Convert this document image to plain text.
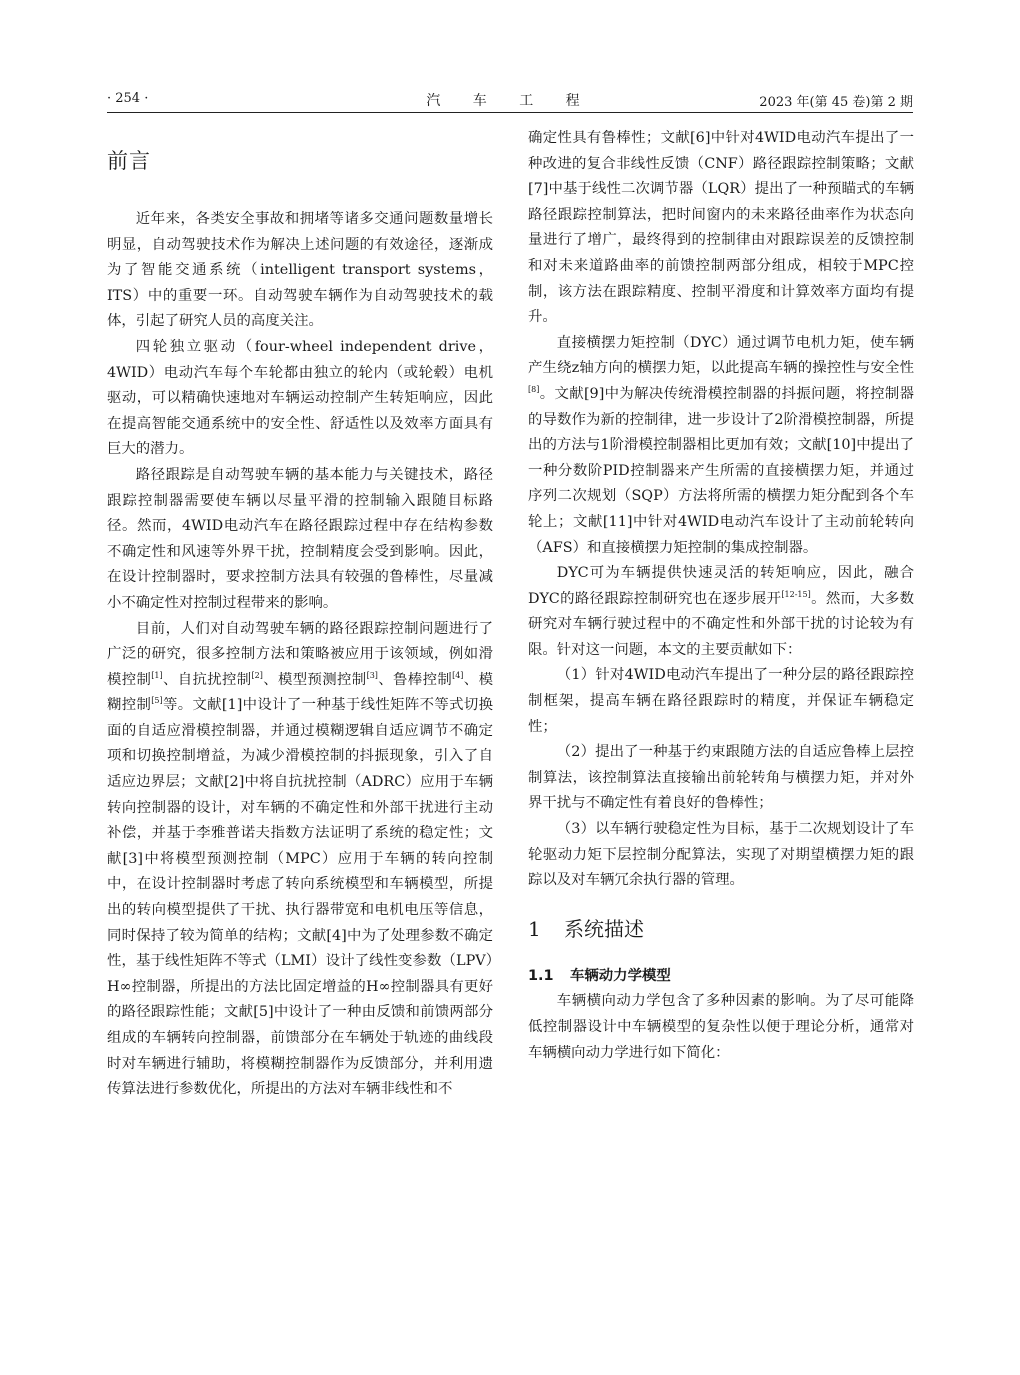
· 254 ·	汽 车 工 程	2023 年(第 45 卷)第 2 期
前言

近年来，各类安全事故和拥堵等诸多交通问题数量增长明显，自动驾驶技术作为解决上述问题的有效途径，逐渐成为了智能交通系统（intelligent transport systems，ITS）中的重要一环。自动驾驶车辆作为自动驾驶技术的载体，引起了研究人员的高度关注。

四轮独立驱动（four-wheel independent drive，4WID）电动汽车每个车轮都由独立的轮内（或轮毂）电机驱动，可以精确快速地对车辆运动控制产生转矩响应，因此在提高智能交通系统中的安全性、舒适性以及效率方面具有巨大的潜力。

路径跟踪是自动驾驶车辆的基本能力与关键技术，路径跟踪控制器需要使车辆以尽量平滑的控制输入跟随目标路径。然而，4WID电动汽车在路径跟踪过程中存在结构参数不确定性和风速等外界干扰，控制精度会受到影响。因此，在设计控制器时，要求控制方法具有较强的鲁棒性，尽量减小不确定性对控制过程带来的影响。

目前，人们对自动驾驶车辆的路径跟踪控制问题进行了广泛的研究，很多控制方法和策略被应用于该领域，例如滑模控制[1]、自抗扰控制[2]、模型预测控制[3]、鲁棒控制[4]、模糊控制[5]等。文献[1]中设计了一种基于线性矩阵不等式切换面的自适应滑模控制器，并通过模糊逻辑自适应调节不确定项和切换控制增益，为减少滑模控制的抖振现象，引入了自适应边界层；文献[2]中将自抗扰控制（ADRC）应用于车辆转向控制器的设计，对车辆的不确定性和外部干扰进行主动补偿，并基于李雅普诺夫指数方法证明了系统的稳定性；文献[3]中将模型预测控制（MPC）应用于车辆的转向控制中，在设计控制器时考虑了转向系统模型和车辆模型，所提出的转向模型提供了干扰、执行器带宽和电机电压等信息，同时保持了较为简单的结构；文献[4]中为了处理参数不确定性，基于线性矩阵不等式（LMI）设计了线性变参数（LPV）H∞控制器，所提出的方法比固定增益的H∞控制器具有更好的路径跟踪性能；文献[5]中设计了一种由反馈和前馈两部分组成的车辆转向控制器，前馈部分在车辆处于轨迹的曲线段时对车辆进行辅助，将模糊控制器作为反馈部分，并利用遗传算法进行参数优化，所提出的方法对车辆非线性和不

确定性具有鲁棒性；文献[6]中针对4WID电动汽车提出了一种改进的复合非线性反馈（CNF）路径跟踪控制策略；文献[7]中基于线性二次调节器（LQR）提出了一种预瞄式的车辆路径跟踪控制算法，把时间窗内的未来路径曲率作为状态向量进行了增广，最终得到的控制律由对跟踪误差的反馈控制和对未来道路曲率的前馈控制两部分组成，相较于MPC控制，该方法在跟踪精度、控制平滑度和计算效率方面均有提升。

直接横摆力矩控制（DYC）通过调节电机力矩，使车辆产生绕z轴方向的横摆力矩，以此提高车辆的操控性与安全性[8]。文献[9]中为解决传统滑模控制器的抖振问题，将控制器的导数作为新的控制律，进一步设计了2阶滑模控制器，所提出的方法与1阶滑模控制器相比更加有效；文献[10]中提出了一种分数阶PID控制器来产生所需的直接横摆力矩，并通过序列二次规划（SQP）方法将所需的横摆力矩分配到各个车轮上；文献[11]中针对4WID电动汽车设计了主动前轮转向（AFS）和直接横摆力矩控制的集成控制器。

DYC可为车辆提供快速灵活的转矩响应，因此，融合DYC的路径跟踪控制研究也在逐步展开[12-15]。然而，大多数研究对车辆行驶过程中的不确定性和外部干扰的讨论较为有限。针对这一问题，本文的主要贡献如下：

（1）针对4WID电动汽车提出了一种分层的路径跟踪控制框架，提高车辆在路径跟踪时的精度，并保证车辆稳定性；

（2）提出了一种基于约束跟随方法的自适应鲁棒上层控制算法，该控制算法直接输出前轮转角与横摆力矩，并对外界干扰与不确定性有着良好的鲁棒性；

（3）以车辆行驶稳定性为目标，基于二次规划设计了车轮驱动力矩下层控制分配算法，实现了对期望横摆力矩的跟踪以及对车辆冗余执行器的管理。

1 系统描述
1.1 车辆动力学模型

车辆横向动力学包含了多种因素的影响。为了尽可能降低控制器设计中车辆模型的复杂性以便于理论分析，通常对车辆横向动力学进行如下简化：
